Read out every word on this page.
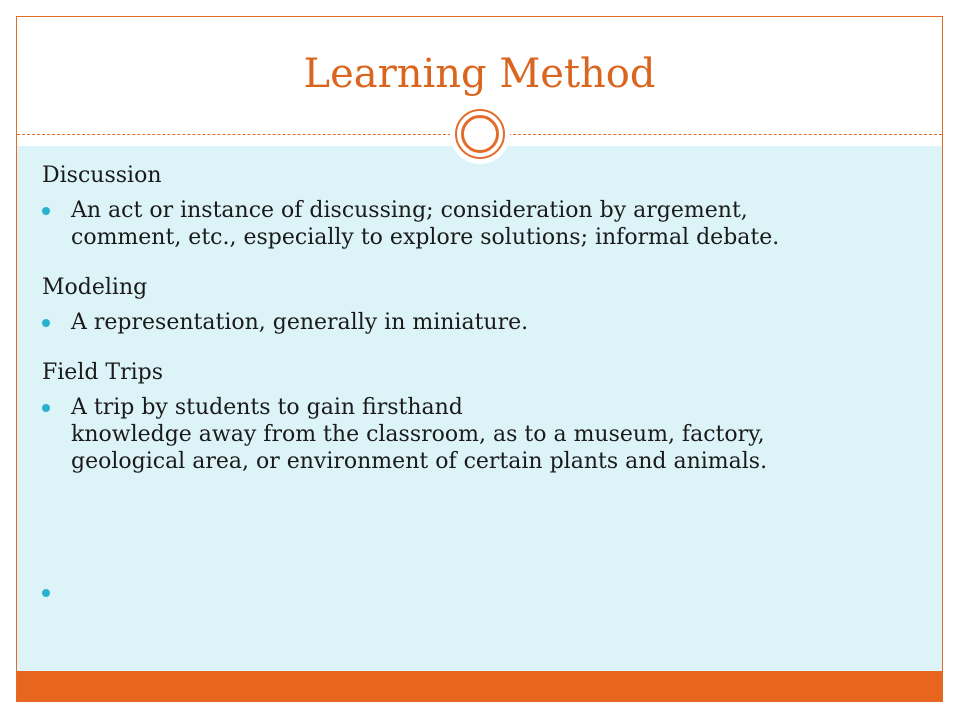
Learning Method

Discussion

An act or instance of discussing; consideration by argement,
comment, etc., especially to explore solutions; informal debate.

Modeling

A representation, generally in miniature.

Field Trips

A trip by students to gain firsthand
knowledge away from the classroom, as to a museum, factory,
geological area, or environment of certain plants and animals.
